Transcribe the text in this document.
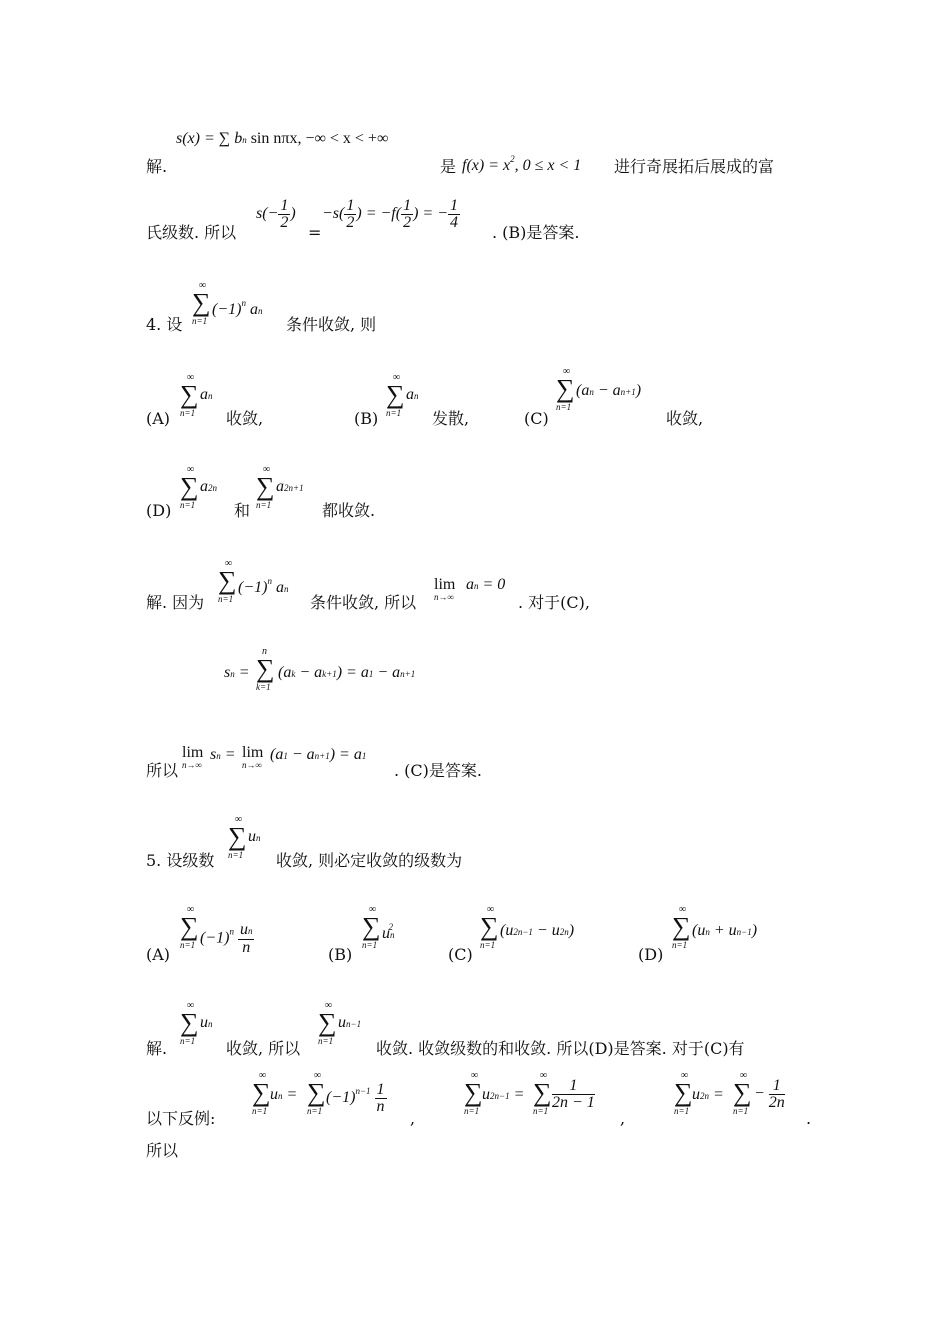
s(x) = ∑ bn sin nπx, −∞ < x < +∞
解.	是 $f(x) = x^2$, 0 ≤ x < 1 进行奇展拓后展成的富
氏级数. 所以
$s(- \frac{1}{2}$ )
=
$-s( \frac{1}{2}$ ) = $-f( \frac{1}{2}$ ) = − $\frac{1}{4}$
. (B)是答案.
4. 设
∞
∑
n=1
$(-1)^n$ an
条件收敛, 则
(A)
∞
∑
n=1
an
收敛,	(B)
∞
∑
n=1
an
发散,	(C)
∞
∑
n=1
(an − an+1)
收敛,
(D)
∞
∑
n=1
a2n
和
∞
∑
n=1
a2n+1
都收敛.
解. 因为
∞
∑
n=1
$(-1)^n$ an
条件收敛, 所以
lim an = 0
n→∞	. 对于(C),
sn =
n
∑
k=1
(ak − ak+1) = a1 − an+1
所以
lim sn = lim (a1 − an+1) = a1
n→∞	n→∞	. (C)是答案.
5. 设级数
∞
∑
n=1
un
收敛, 则必定收敛的级数为
(A)
∞
∑
n=1 $(-1)^n \frac{un}{n}$	(B)
∞
∑
n=1
$un^2$
(C)
∞
∑
n=1
(u2n−1 − u2n)
(D)
∞
∑
n=1
(un + un−1)
解.
∞
∑
n=1
un
收敛, 所以
∞
∑
n=1
un−1
收敛. 收敛级数的和收敛. 所以(D)是答案. 对于(C)有
以下反例:
∞
∑
n=1
un =
∞
∑
n=1
$(-1)^{n-1} \frac{1}{n}$
,
∞
∑
n=1
u2n−1 =
∞
∑
$n=1 \frac{1}{2n - 1}$
,
∞
∑
n=1
u2n =
∞
∑
n=1
− $\frac{1}{2n}$
.
所以
